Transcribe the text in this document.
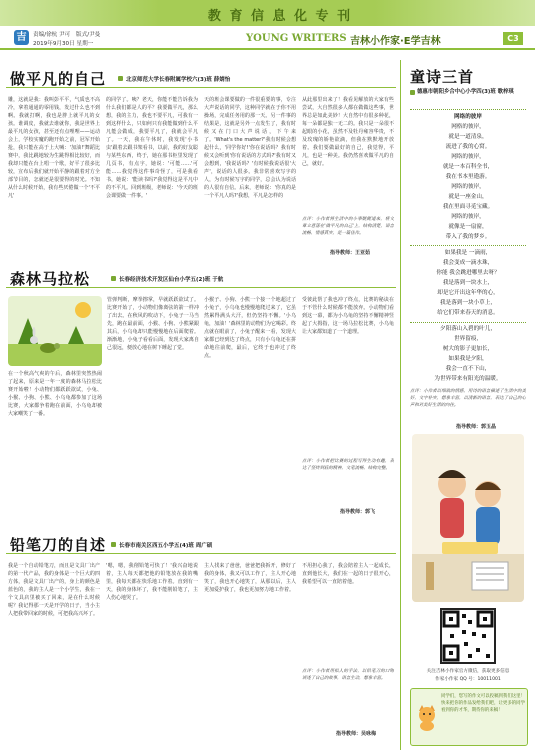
教 育 信 息 化 专 刊
吉	责编/徐杭 尹可 版式/尹曼
2019年9月30日 星期一	YOUNG WRITERS 吉林小作家·E学吉林	C3
做平凡的自己	北京师范大学长春附属学校六(3)班 薛婧怡
雕，这就是我：我叫彭平平，气质也不高冷，拿着通通的零用钱，发过什么也不到啊。我就打啊，我也是胖上就平凡的女孩。谁调皮，我就去谁就你，我是世界上最平凡的女孩，甚至还有点哩哩——运动会上，学校实魔的跑开始之前，冠军开始抢，我只能在高于上大喊：'加油!'舞蹈比赛中，我比跳地较为生跳得相比较好，而我却只能在台上唱一个歌，好平了很多比较，宣布后我们就开始平静的跟着对方全部节目的，怎就还是很要得的时光。不知从什么时候开始，我有些厌倦做一个'不平凡'
的同学了。咦？老天，你能不能告诉我为什么我们都是人的平？我要做平凡，那么想，我的主力，我也不要平凡，可我有一到这样什么，只如何只有我能做到什么平凡能会做成，我要平凡了，我就会平凡了。一天，我在午休时，我发现'小书虫'跟着去跟书架看书，以前，我的好友聪与某些东西，终于，她在那书柜里发现了几页书，有点字，她说：'可能……'可能……我觉得这件事奇怪了，可是我看书，她说：'能读书吗?'我觉得这是平凡中的不平凡。回到班级，老师说：'今天的班会课要做一件事。'
天的班会课要做的一件很重要的事，专注大声说话的同学，这种同学就在于你不用操场，完成任务用的那一天。另一件事的结果是，这就是另外一点发生了，我有时候又在门口大声说话，下午来了。'What's the matter?'我有时候会想起什么，'同学你好!'你在说话吗？我有时候又会听到'你有说话的方式吗?'我有时又会想到，'我说话吗？'有时候我说话很'大声'，说话的人很多。我非常喜欢写字的人，为有时候写字的同学，总会认为说话的人很有自信。后来，老师说：'你真的是一个平凡人吗?'我想，平凡是怎样的
从此那里出来了！我看见解放的大家有些尝试，大自然很多人都在做做这些事，世界总是如此美妙！大自然中有很多种花，每一朵都是独一无二的。我只是一朵很不起眼的小花，虽然不及牡丹雍容华贵，不及玫瑰的娇艳欲滴，但我在默默地开放着。我们要做最好的自己，我觉得，平凡，也是一种美。我仍然喜欢做平凡的自己，就好。
点评：小作者将生活中的小事娓娓道来，将文章立意落在'做平凡的自己'上，结构清楚，语言流畅，情感真实，是一篇佳作。
指导教师：王亚茹
森林马拉松	长春经济技术开发区仙台小学五(2)班 于航
在一个秋高气爽的午后，森林里突然热闹了起来，原来是一年一度的森林马拉松比赛开始啦！小动物们都跃跃欲试，小兔、小猴、小狗、小熊、小乌龟都参加了这场比赛，大家都争着跑在前面，小乌龟却被大家嘲笑了一番。
管弹判断，摩拳擦掌，早就跃跃欲试了。比赛开始了，小动物们像离弦的箭一样冲了出去。在秋风的吹动下，小兔子一马当先，跑在最前面，小猴、小狗、小熊紧跟其后，小乌龟却只能慢慢地在后面爬着。渐渐地，小兔子看看后面，发现大家离自己很远，便放心地在树下睡起了觉。
小猴子、小狗、小熊一个接一个地超过了小兔子，小乌龟也慢慢地爬过来了，它虽然累得满头大汗，但仍坚持不懈。'小乌龟，加油！'森林里的动物们为它喝彩。终点就在眼前了，小兔子醒来一看，发现大家都已经到达了终点，只有小乌龟还在拼命地往前爬，最后，它终于也冲过了终点。
受彼此帮了我也冲了终点，比赛的秘诀在于不管什么时候都不能放弃。小动物们看到这一幕，都为小乌龟的坚持不懈精神竖起了大拇指，这一场马拉松比赛，小乌龟让大家都知道了一个道理。
点评：小作者把比赛的过程写得生动有趣，表达了坚持到底的精神，文笔流畅，结构完整。
指导教师：郭飞
铅笔刀的自述 长春市南关区西五小学五(4)班 周广硕
我是一个自动铅笔刀，而且是文具厂出产的第一代产品，我的身体是一个巨大的四方体，我是文具厂出产的，身上的颜色是蓝色的，我的主人是一个小学生，我在一个文具店里被买了回来，是在什么时候呢？我记得那一天是开学的日子，当小主人把我带回家的时候，可把我高兴坏了。
'嗯，嗯，我削铅笔可快了！'我兴奋地说着，主人每天都把他的铅笔放在我的嘴里，我每天都在快乐地工作着。直到有一天，我的身体坏了，我不能削铅笔了，主人伤心地哭了。
主人找来了爸爸，爸爸把我拆开，修好了我的身体，我又可以工作了，主人开心地笑了，我也开心地笑了，从那以后，主人更加爱护我了，我也更加努力地工作着。
不用担心我了，我会陪着主人一起成长，直到他长大，我们在一起的日子很开心，我希望可以一直陪着他。
点评：小作者用拟人的手法，以铅笔刀的口吻讲述了自己的故事，语言生动，想象丰富。
指导教师：吴咏梅
童诗三首
德惠市朝阳乡合中心小学四(3)班 歌梓琪
网络的彼岸
网格的彼岸，
就是一道清泉，
流进了我的心窝。
网络的彼岸，
就是一本百科全书，
我在书本里遨游。
网络的彼岸，
就是一座金山，
我在里面寻觅宝藏。
网络的彼岸，
就像是一扇窗，
带入了我的梦乡。
如果我是 一滴雨，
我会变成一滴水珠，
你能 我会跳进哪里去呀？
我是落到一块水上，
却是它开出这年华的心，
我是落到一块小草上，
给它们带来春天的消息。
夕阳落山入碧的叶儿，
世界留痕，
树大的影子更加长，
如果我是夕阳，
我会一直不下山，
为世界带来有阳光的温暖。
点评：小作者以细致的情感，用诗的语言描述了生活中的美好，文字朴实，想象丰富，以清新的语言，表达了自己的心声和对美好生活的向往。
指导教师：郭玉晶
关注吉林小作家官方微信，获取更多信息
作家小作家 QQ 号：10011001
同学们，您写的作文可以投稿到我们这里！快来把你的作品发给我们吧，让更多的同学看到你的才华，期待你的来稿！
